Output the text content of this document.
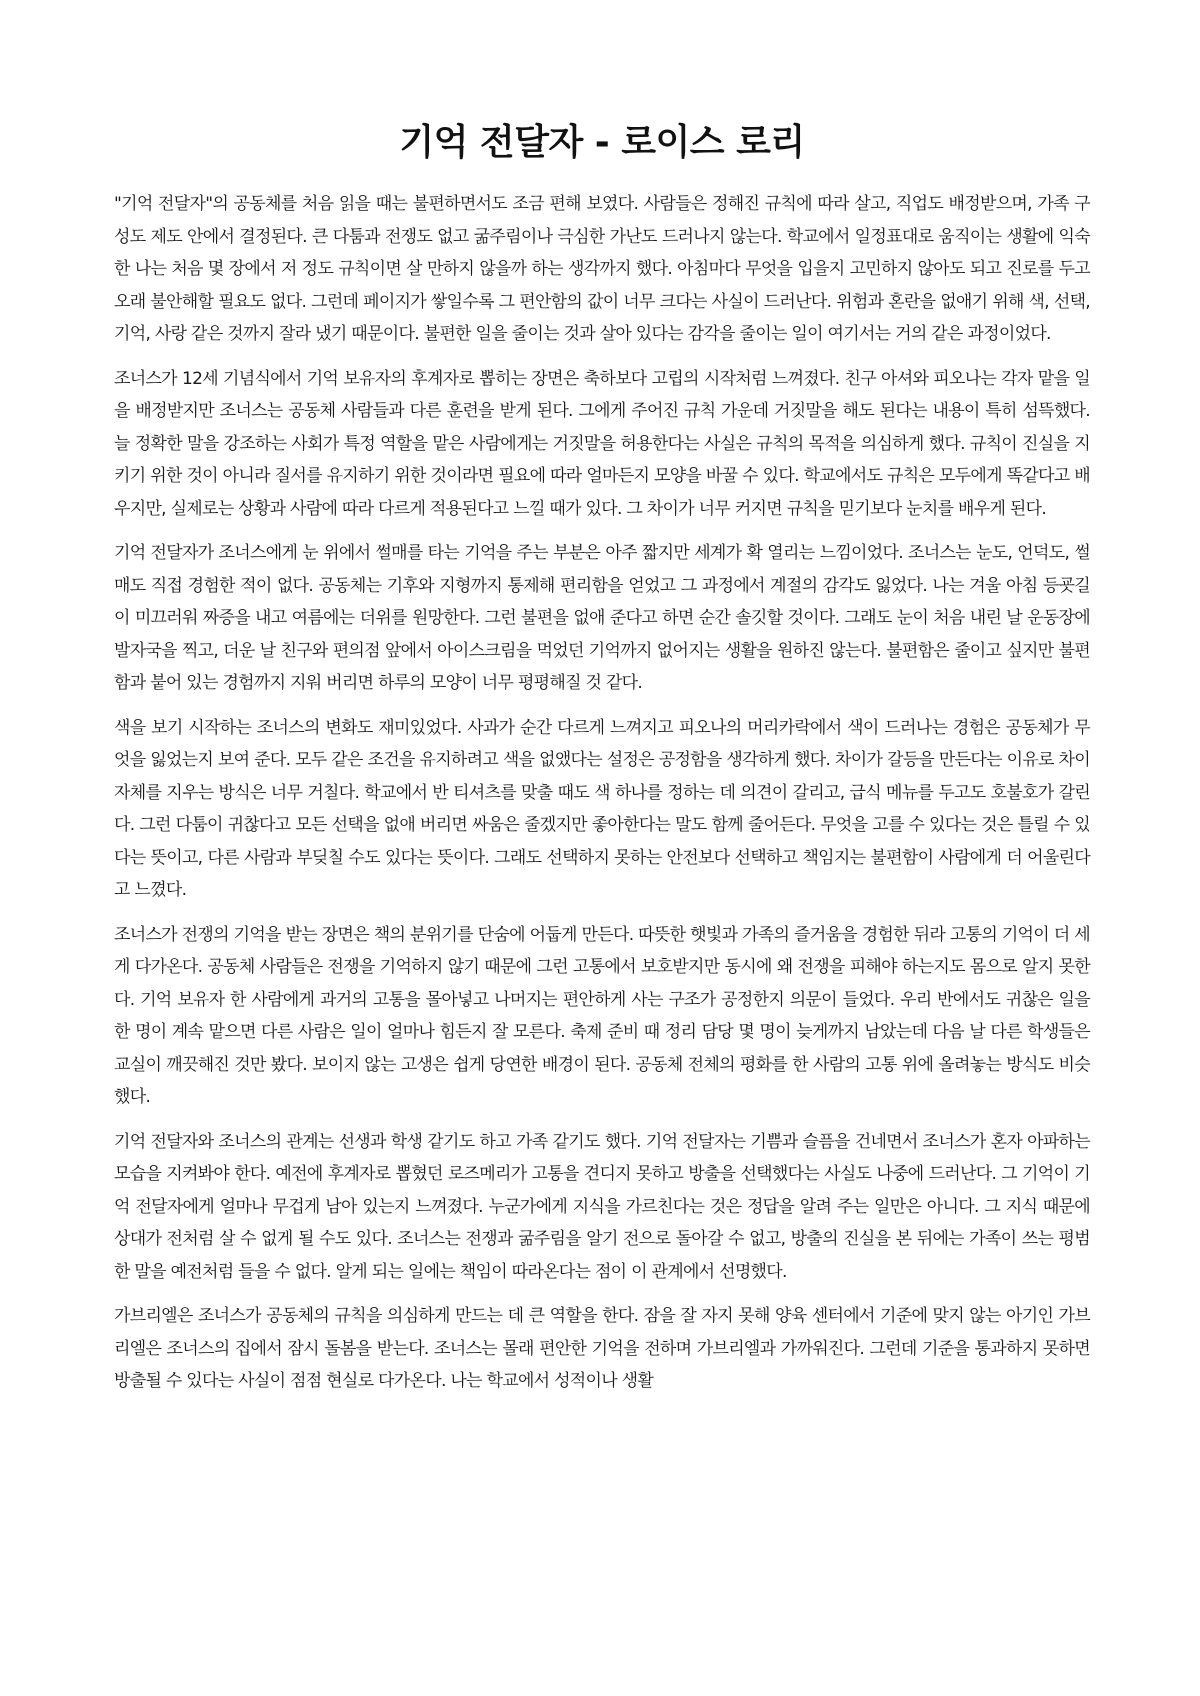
기억 전달자 - 로이스 로리

"기억 전달자"의 공동체를 처음 읽을 때는 불편하면서도 조금 편해 보였다. 사람들은 정해진 규칙에 따라 살고, 직업도 배정받으며, 가족 구성도 제도 안에서 결정된다. 큰 다툼과 전쟁도 없고 굶주림이나 극심한 가난도 드러나지 않는다. 학교에서 일정표대로 움직이는 생활에 익숙한 나는 처음 몇 장에서 저 정도 규칙이면 살 만하지 않을까 하는 생각까지 했다. 아침마다 무엇을 입을지 고민하지 않아도 되고 진로를 두고 오래 불안해할 필요도 없다. 그런데 페이지가 쌓일수록 그 편안함의 값이 너무 크다는 사실이 드러난다. 위험과 혼란을 없애기 위해 색, 선택, 기억, 사랑 같은 것까지 잘라 냈기 때문이다. 불편한 일을 줄이는 것과 살아 있다는 감각을 줄이는 일이 여기서는 거의 같은 과정이었다.

조너스가 12세 기념식에서 기억 보유자의 후계자로 뽑히는 장면은 축하보다 고립의 시작처럼 느껴졌다. 친구 아셔와 피오나는 각자 맡을 일을 배정받지만 조너스는 공동체 사람들과 다른 훈련을 받게 된다. 그에게 주어진 규칙 가운데 거짓말을 해도 된다는 내용이 특히 섬뜩했다. 늘 정확한 말을 강조하는 사회가 특정 역할을 맡은 사람에게는 거짓말을 허용한다는 사실은 규칙의 목적을 의심하게 했다. 규칙이 진실을 지키기 위한 것이 아니라 질서를 유지하기 위한 것이라면 필요에 따라 얼마든지 모양을 바꿀 수 있다. 학교에서도 규칙은 모두에게 똑같다고 배우지만, 실제로는 상황과 사람에 따라 다르게 적용된다고 느낄 때가 있다. 그 차이가 너무 커지면 규칙을 믿기보다 눈치를 배우게 된다.

기억 전달자가 조너스에게 눈 위에서 썰매를 타는 기억을 주는 부분은 아주 짧지만 세계가 확 열리는 느낌이었다. 조너스는 눈도, 언덕도, 썰매도 직접 경험한 적이 없다. 공동체는 기후와 지형까지 통제해 편리함을 얻었고 그 과정에서 계절의 감각도 잃었다. 나는 겨울 아침 등굣길이 미끄러워 짜증을 내고 여름에는 더위를 원망한다. 그런 불편을 없애 준다고 하면 순간 솔깃할 것이다. 그래도 눈이 처음 내린 날 운동장에 발자국을 찍고, 더운 날 친구와 편의점 앞에서 아이스크림을 먹었던 기억까지 없어지는 생활을 원하진 않는다. 불편함은 줄이고 싶지만 불편함과 붙어 있는 경험까지 지워 버리면 하루의 모양이 너무 평평해질 것 같다.

색을 보기 시작하는 조너스의 변화도 재미있었다. 사과가 순간 다르게 느껴지고 피오나의 머리카락에서 색이 드러나는 경험은 공동체가 무엇을 잃었는지 보여 준다. 모두 같은 조건을 유지하려고 색을 없앴다는 설정은 공정함을 생각하게 했다. 차이가 갈등을 만든다는 이유로 차이 자체를 지우는 방식은 너무 거칠다. 학교에서 반 티셔츠를 맞출 때도 색 하나를 정하는 데 의견이 갈리고, 급식 메뉴를 두고도 호불호가 갈린다. 그런 다툼이 귀찮다고 모든 선택을 없애 버리면 싸움은 줄겠지만 좋아한다는 말도 함께 줄어든다. 무엇을 고를 수 있다는 것은 틀릴 수 있다는 뜻이고, 다른 사람과 부딪칠 수도 있다는 뜻이다. 그래도 선택하지 못하는 안전보다 선택하고 책임지는 불편함이 사람에게 더 어울린다고 느꼈다.

조너스가 전쟁의 기억을 받는 장면은 책의 분위기를 단숨에 어둡게 만든다. 따뜻한 햇빛과 가족의 즐거움을 경험한 뒤라 고통의 기억이 더 세게 다가온다. 공동체 사람들은 전쟁을 기억하지 않기 때문에 그런 고통에서 보호받지만 동시에 왜 전쟁을 피해야 하는지도 몸으로 알지 못한다. 기억 보유자 한 사람에게 과거의 고통을 몰아넣고 나머지는 편안하게 사는 구조가 공정한지 의문이 들었다. 우리 반에서도 귀찮은 일을 한 명이 계속 맡으면 다른 사람은 일이 얼마나 힘든지 잘 모른다. 축제 준비 때 정리 담당 몇 명이 늦게까지 남았는데 다음 날 다른 학생들은 교실이 깨끗해진 것만 봤다. 보이지 않는 고생은 쉽게 당연한 배경이 된다. 공동체 전체의 평화를 한 사람의 고통 위에 올려놓는 방식도 비슷했다.

기억 전달자와 조너스의 관계는 선생과 학생 같기도 하고 가족 같기도 했다. 기억 전달자는 기쁨과 슬픔을 건네면서 조너스가 혼자 아파하는 모습을 지켜봐야 한다. 예전에 후계자로 뽑혔던 로즈메리가 고통을 견디지 못하고 방출을 선택했다는 사실도 나중에 드러난다. 그 기억이 기억 전달자에게 얼마나 무겁게 남아 있는지 느껴졌다. 누군가에게 지식을 가르친다는 것은 정답을 알려 주는 일만은 아니다. 그 지식 때문에 상대가 전처럼 살 수 없게 될 수도 있다. 조너스는 전쟁과 굶주림을 알기 전으로 돌아갈 수 없고, 방출의 진실을 본 뒤에는 가족이 쓰는 평범한 말을 예전처럼 들을 수 없다. 알게 되는 일에는 책임이 따라온다는 점이 이 관계에서 선명했다.

가브리엘은 조너스가 공동체의 규칙을 의심하게 만드는 데 큰 역할을 한다. 잠을 잘 자지 못해 양육 센터에서 기준에 맞지 않는 아기인 가브리엘은 조너스의 집에서 잠시 돌봄을 받는다. 조너스는 몰래 편안한 기억을 전하며 가브리엘과 가까워진다. 그런데 기준을 통과하지 못하면 방출될 수 있다는 사실이 점점 현실로 다가온다. 나는 학교에서 성적이나 생활
